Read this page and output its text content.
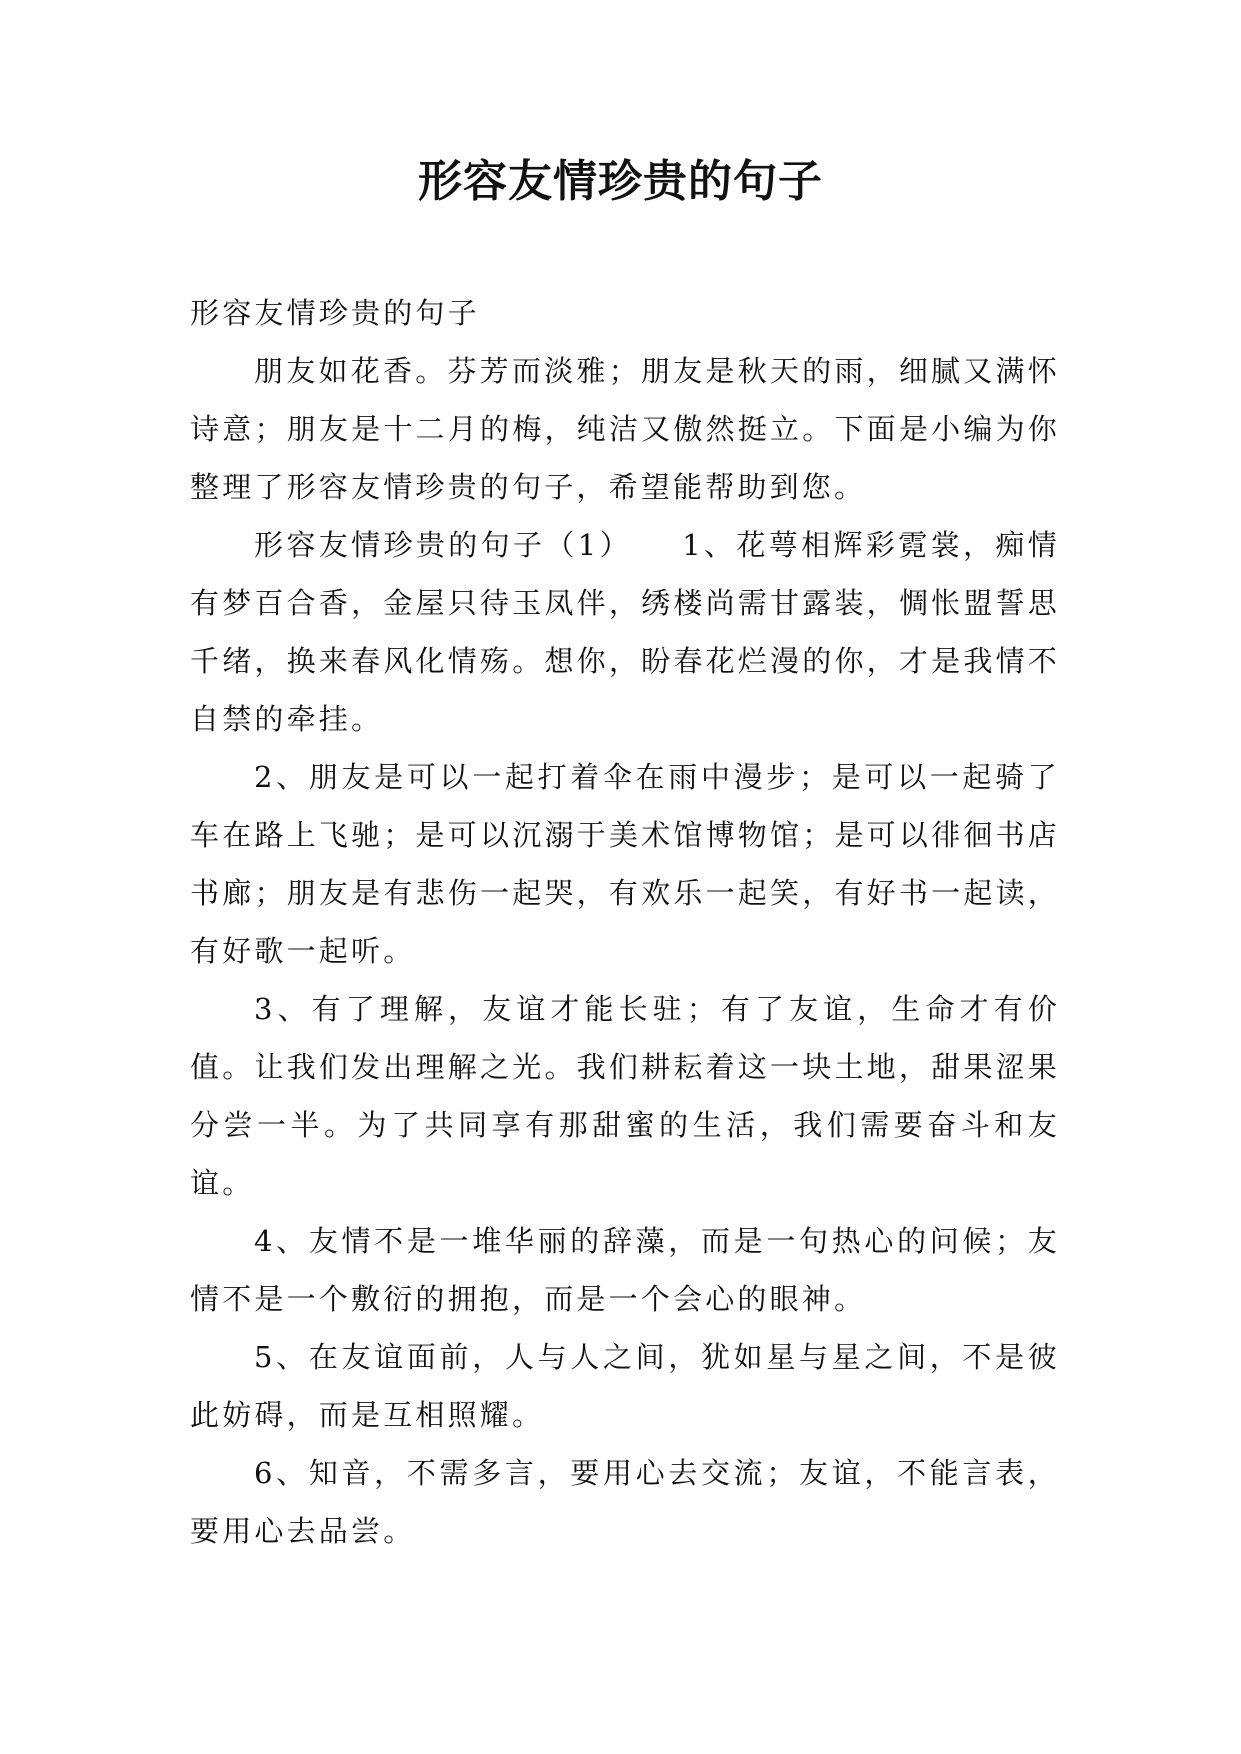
形容友情珍贵的句子

形容友情珍贵的句子

朋友如花香。芬芳而淡雅；朋友是秋天的雨，细腻又满怀诗意；朋友是十二月的梅，纯洁又傲然挺立。下面是小编为你整理了形容友情珍贵的句子，希望能帮助到您。

形容友情珍贵的句子（1）　　1、花萼相辉彩霓裳，痴情有梦百合香，金屋只待玉凤伴，绣楼尚需甘露装，惆怅盟誓思千绪，换来春风化情殇。想你，盼春花烂漫的你，才是我情不自禁的牵挂。

2、朋友是可以一起打着伞在雨中漫步；是可以一起骑了车在路上飞驰；是可以沉溺于美术馆博物馆；是可以徘徊书店书廊；朋友是有悲伤一起哭，有欢乐一起笑，有好书一起读，有好歌一起听。

3、有了理解，友谊才能长驻；有了友谊，生命才有价值。让我们发出理解之光。我们耕耘着这一块土地，甜果涩果分尝一半。为了共同享有那甜蜜的生活，我们需要奋斗和友谊。

4、友情不是一堆华丽的辞藻，而是一句热心的问候；友情不是一个敷衍的拥抱，而是一个会心的眼神。

5、在友谊面前，人与人之间，犹如星与星之间，不是彼此妨碍，而是互相照耀。

6、知音，不需多言，要用心去交流；友谊，不能言表，要用心去品尝。
